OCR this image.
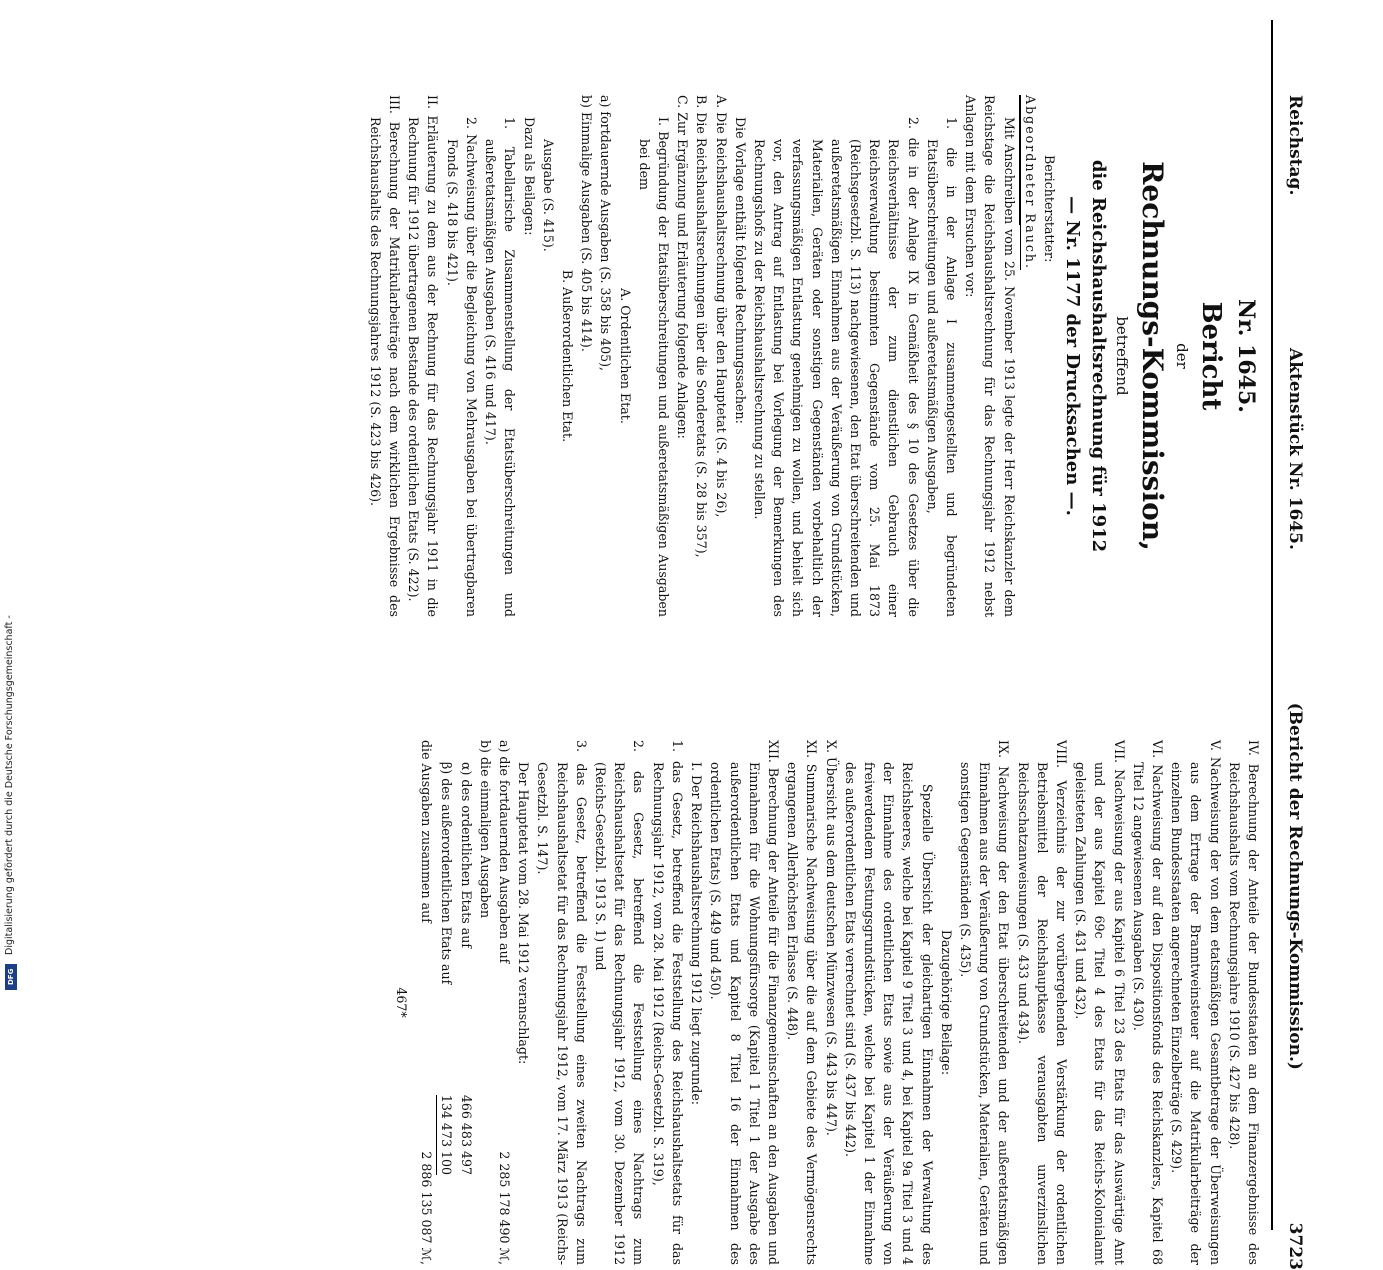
Reichstag.
Aktenstück Nr. 1645.
(Bericht der Rechnungs-Kommission.)
3723
Nr. 1645.
Bericht
der
Rechnungs-Kommission,
betreffend
die Reichshaushaltsrechnung für 1912
— Nr. 1177 der Drucksachen —.
Berichterstatter:
Abgeordneter Rauch.

Mit Anschreiben vom 25. November 1913 legte der Herr Reichskanzler dem Reichstage die Reichshaushaltsrechnung für das Rechnungsjahr 1912 nebst Anlagen mit dem Ersuchen vor:

1. die in der Anlage I zusammengestellten und begründeten Etatsüberschreitungen und außeretatsmäßigen Ausgaben,

2. die in der Anlage IX in Gemäßheit des § 10 des Gesetzes über die Reichsverhältnisse der zum dienstlichen Gebrauch einer Reichsverwaltung bestimmten Gegenstände vom 25. Mai 1873 (Reichsgesetzbl. S. 113) nachgewiesenen, den Etat überschreitenden und außeretatsmäßigen Einnahmen aus der Veräußerung von Grundstücken, Materialien, Geräten oder sonstigen Gegenständen vorbehaltlich der verfassungsmäßigen Entlastung genehmigen zu wollen, und behielt sich vor, den Antrag auf Entlastung bei Vorlegung der Bemerkungen des Rechnungshofs zu der Reichshaushaltsrechnung zu stellen.

Die Vorlage enthält folgende Rechnungssachen:

A. Die Reichshaushaltsrechnung über den Hauptetat (S. 4 bis 26),

B. Die Reichshaushaltsrechnungen über die Sonderetats (S. 28 bis 357),

C. Zur Ergänzung und Erläuterung folgende Anlagen:

I. Begründung der Etatsüberschreitungen und außeretatsmäßigen Ausgaben bei dem

A. Ordentlichen Etat.

a) fortdauernde Ausgaben (S. 358 bis 405),

b) Einmalige Ausgaben (S. 405 bis 414).

B. Außerordentlichen Etat.

Ausgabe (S. 415).

Dazu als Beilagen:

1. Tabellarische Zusammenstellung der Etatsüberschreitungen und außeretatsmäßigen Ausgaben (S. 416 und 417).

2. Nachweisung über die Begleichung von Mehrausgaben bei übertragbaren Fonds (S. 418 bis 421).

II. Erläuterung zu dem aus der Rechnung für das Rechnungsjahr 1911 in die Rechnung für 1912 übertragenen Bestande des ordentlichen Etats (S. 422).

III. Berechnung der Matrikularbeiträge nach dem wirklichen Ergebnisse des Reichshaushalts des Rechnungsjahres 1912 (S. 423 bis 426).

IV. Berechnung der Anteile der Bundesstaaten an dem Finanzergebnisse des Reichshaushalts vom Rechnungsjahre 1910 (S. 427 bis 428).

V. Nachweisung der von dem etatsmäßigen Gesamtbetrage der Überweisungen aus dem Ertrage der Branntweinsteuer auf die Matrikularbeiträge der einzelnen Bundesstaaten angerechneten Einzelbeträge (S. 429).

VI. Nachweisung der auf den Dispositionsfonds des Reichskanzlers, Kapitel 68 Titel 12 angewiesenen Ausgaben (S. 430).

VII. Nachweisung der aus Kapitel 6 Titel 23 des Etats für das Auswärtige Amt und der aus Kapitel 69c Titel 4 des Etats für das Reichs-Kolonialamt geleisteten Zahlungen (S. 431 und 432).

VIII. Verzeichnis der zur vorübergehenden Verstärkung der ordentlichen Betriebsmittel der Reichshauptkasse verausgabten unverzinslichen Reichsschatzanweisungen (S. 433 und 434).

IX. Nachweisung der den Etat überschreitenden und der außeretatsmäßigen Einnahmen aus der Veräußerung von Grundstücken, Materialien, Geräten und sonstigen Gegenständen (S. 435).

Dazugehörige Beilage:

Spezielle Übersicht der gleichartigen Einnahmen der Verwaltung des Reichsheeres, welche bei Kapitel 9 Titel 3 und 4, bei Kapitel 9a Titel 3 und 4 der Einnahme des ordentlichen Etats sowie aus der Veräußerung von freiwerdendem Festungsgrundstücken, welche bei Kapitel 1 der Einnahme des außerordentlichen Etats verrechnet sind (S. 437 bis 442).

X. Übersicht aus dem deutschen Münzwesen (S. 443 bis 447).

XI. Summarische Nachweisung über die auf dem Gebiete des Vermögensrechts ergangenen Allerhöchsten Erlasse (S. 448).

XII. Berechnung der Anteile für die Finanzgemeinschaften an den Ausgaben und Einnahmen für die Wohnungsfürsorge (Kapitel 1 Titel 1 der Ausgabe des außerordentlichen Etats und Kapitel 8 Titel 16 der Einnahmen des ordentlichen Etats) (S. 449 und 450).

I. Der Reichshaushaltsrechnung 1912 liegt zugrunde:

1. das Gesetz, betreffend die Feststellung des Reichshaushaltsetats für das Rechnungsjahr 1912, vom 28. Mai 1912 (Reichs-Gesetzbl. S. 319),

2. das Gesetz, betreffend die Feststellung eines Nachtrags zum Reichshaushaltsetat für das Rechnungsjahr 1912, vom 30. Dezember 1912 (Reichs-Gesetzbl. 1913 S. 1) und

3. das Gesetz, betreffend die Feststellung eines zweiten Nachtrags zum Reichshaushaltsetat für das Rechnungsjahr 1912, vom 17. März 1913 (Reichs-Gesetzbl. S. 147).

Der Hauptetat vom 28. Mai 1912 veranschlagt:

a) die fortdauernden Ausgaben auf
2 285 178 490 ℳ,
b) die einmaligen Ausgaben
α) des ordentlichen Etats auf
466 483 497
β) des außerordentlichen Etats auf
134 473 100
die Ausgaben zusammen auf
2 886 135 087 ℳ,
467*
Digitalisierung gefördert durch die Deutsche Forschungsgemeinschaft -
DFG
